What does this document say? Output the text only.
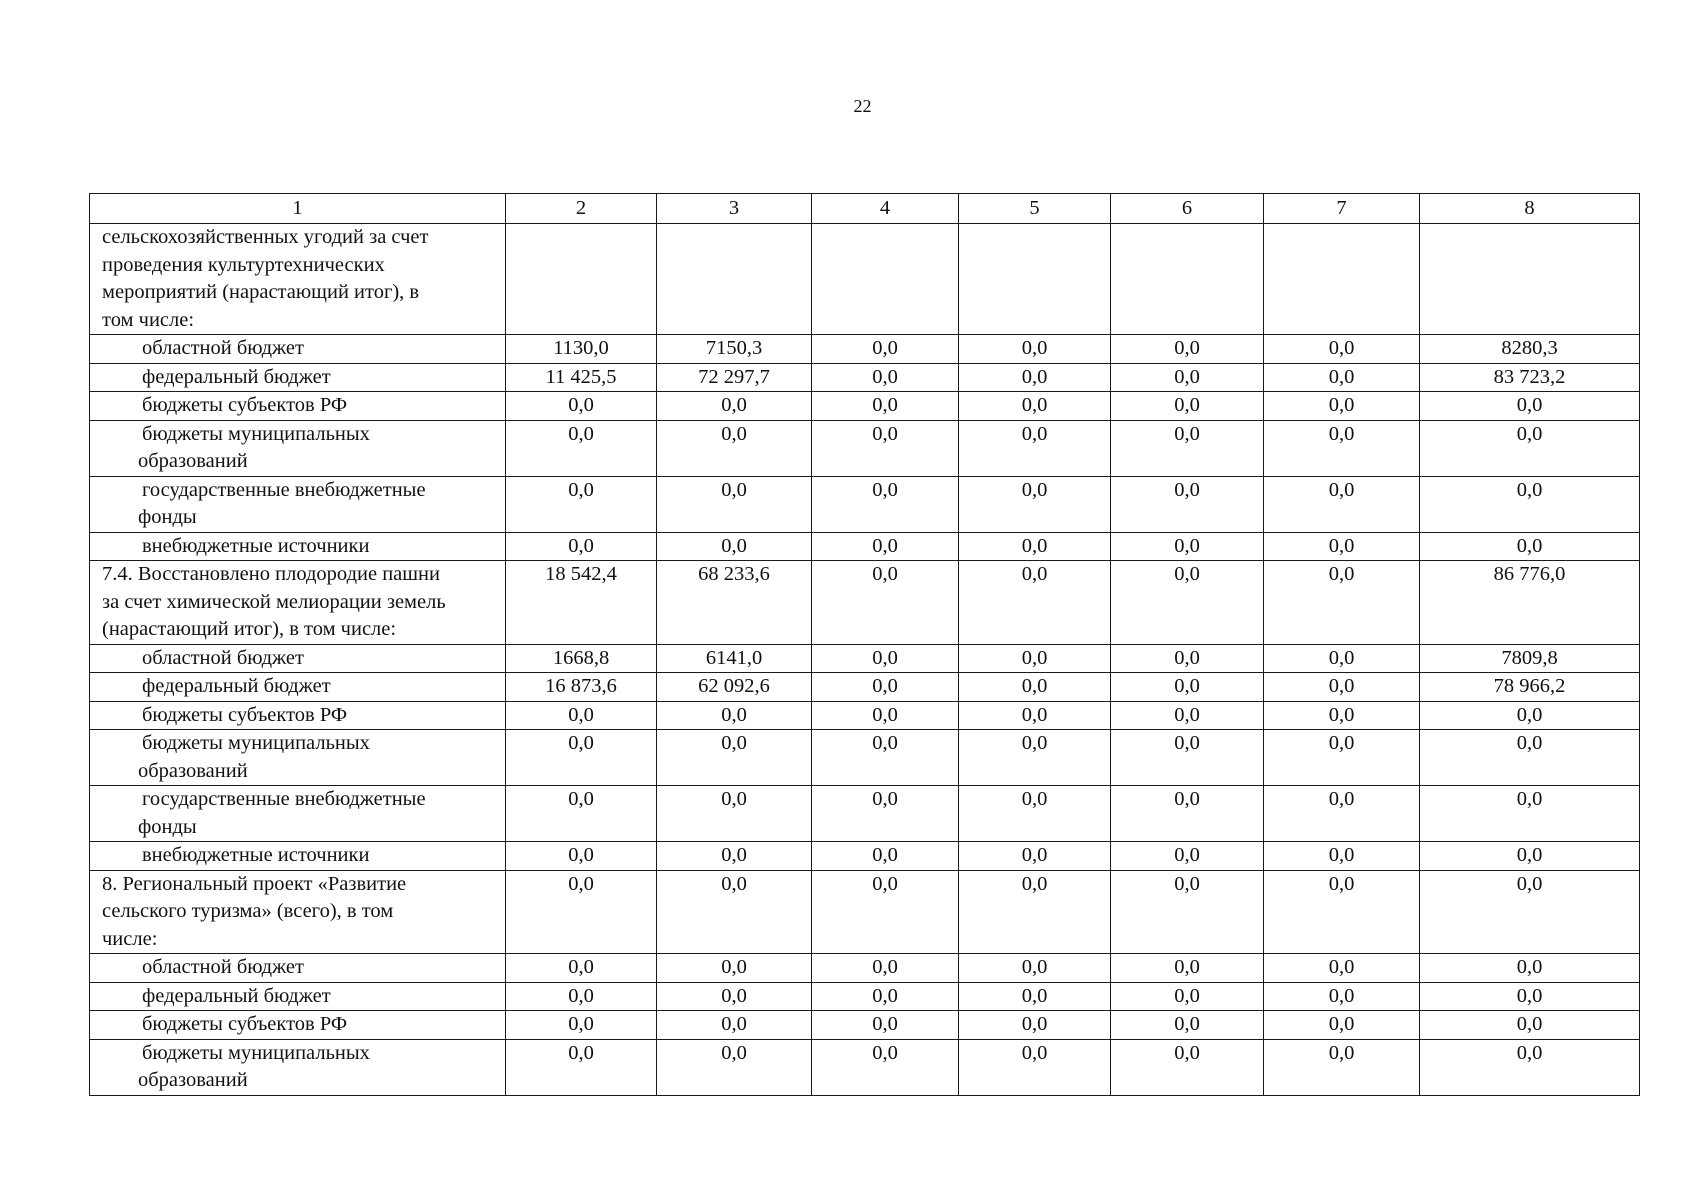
22
1	2	3	4	5	6	7	8

сельскохозяйственных угодий за счет
проведения культуртехнических
мероприятий (нарастающий итог), в
том числе:							

областной бюджет	1130,0	7150,3	0,0	0,0	0,0	0,0	8280,3

федеральный бюджет	11 425,5	72 297,7	0,0	0,0	0,0	0,0	83 723,2

бюджеты субъектов РФ	0,0	0,0	0,0	0,0	0,0	0,0	0,0

бюджеты муниципальных
образований	0,0	0,0	0,0	0,0	0,0	0,0	0,0

государственные внебюджетные
фонды	0,0	0,0	0,0	0,0	0,0	0,0	0,0

внебюджетные источники	0,0	0,0	0,0	0,0	0,0	0,0	0,0

7.4. Восстановлено плодородие пашни
за счет химической мелиорации земель
(нарастающий итог), в том числе:	18 542,4	68 233,6	0,0	0,0	0,0	0,0	86 776,0

областной бюджет	1668,8	6141,0	0,0	0,0	0,0	0,0	7809,8

федеральный бюджет	16 873,6	62 092,6	0,0	0,0	0,0	0,0	78 966,2

бюджеты субъектов РФ	0,0	0,0	0,0	0,0	0,0	0,0	0,0

бюджеты муниципальных
образований	0,0	0,0	0,0	0,0	0,0	0,0	0,0

государственные внебюджетные
фонды	0,0	0,0	0,0	0,0	0,0	0,0	0,0

внебюджетные источники	0,0	0,0	0,0	0,0	0,0	0,0	0,0

8. Региональный проект «Развитие
сельского туризма» (всего), в том
числе:	0,0	0,0	0,0	0,0	0,0	0,0	0,0

областной бюджет	0,0	0,0	0,0	0,0	0,0	0,0	0,0

федеральный бюджет	0,0	0,0	0,0	0,0	0,0	0,0	0,0

бюджеты субъектов РФ	0,0	0,0	0,0	0,0	0,0	0,0	0,0

бюджеты муниципальных
образований	0,0	0,0	0,0	0,0	0,0	0,0	0,0
